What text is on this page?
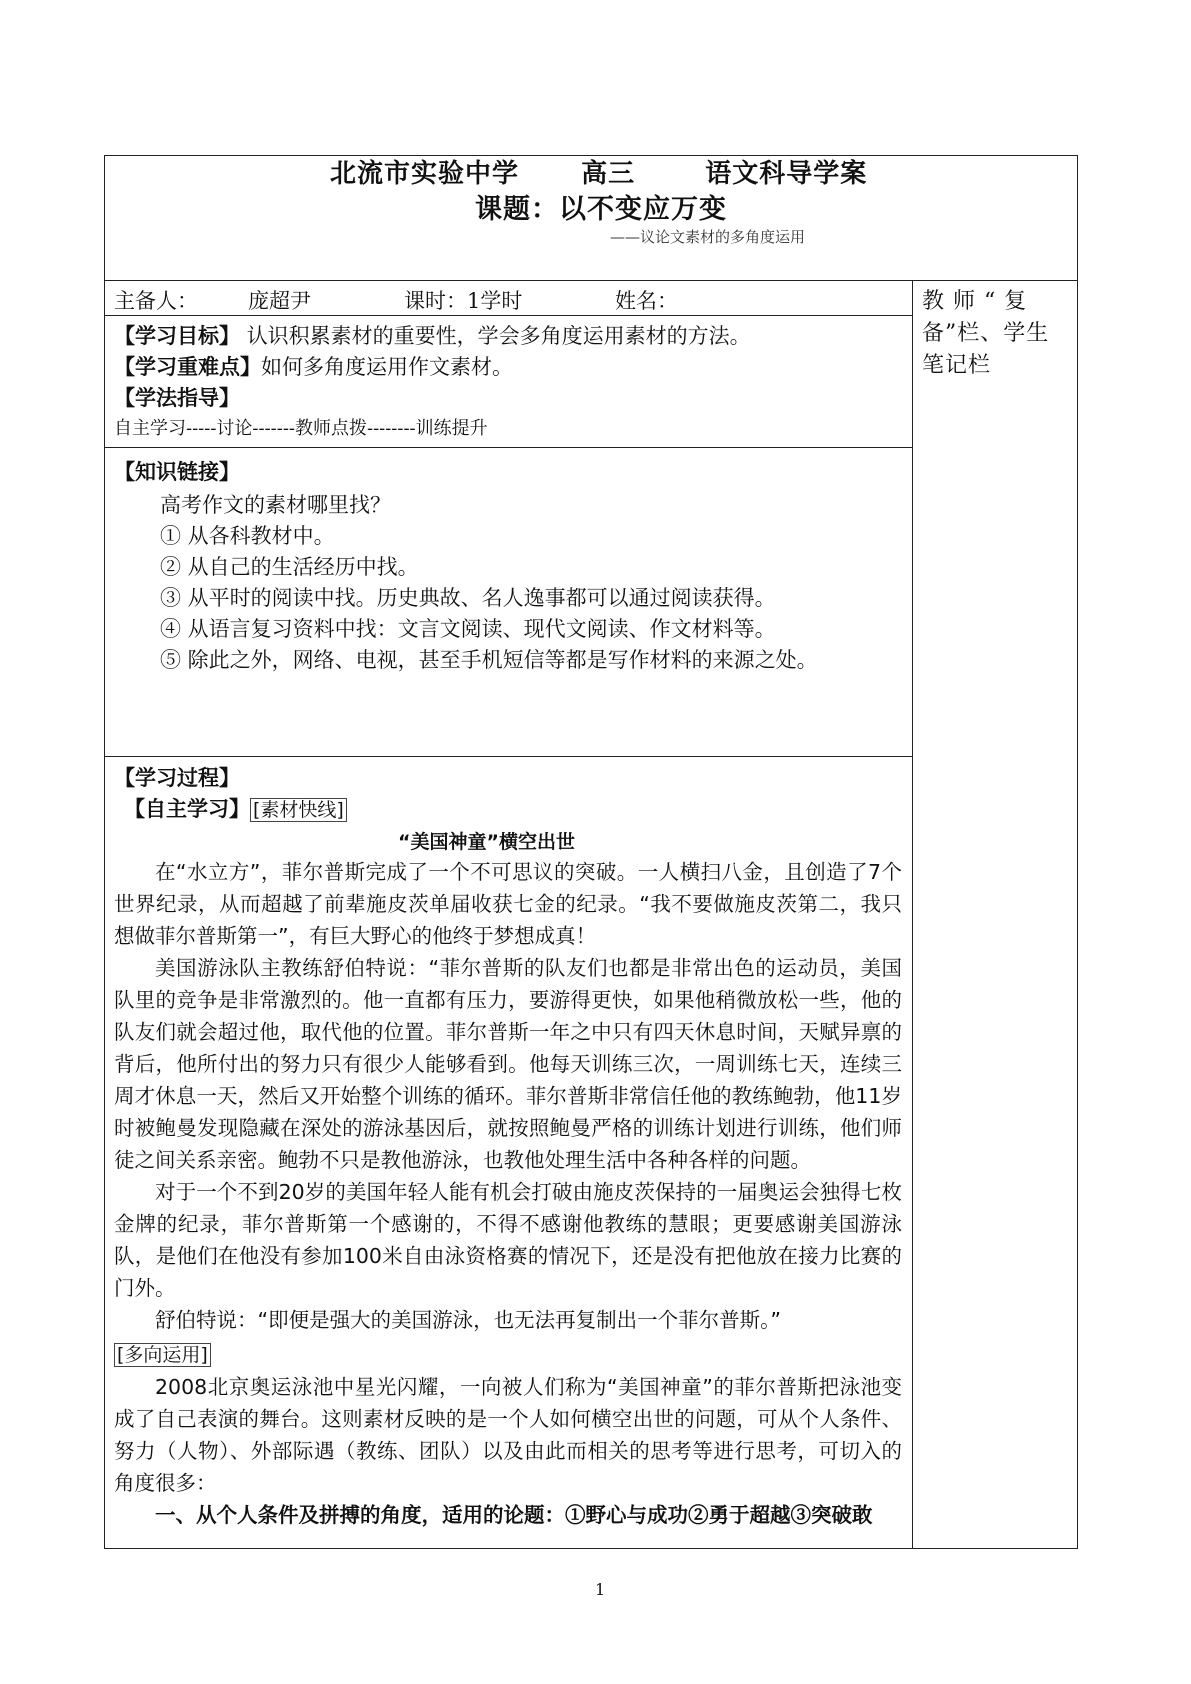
北流市实验中学 高三	语文科导学案
课题：以不变应万变
——议论文素材的多角度运用
主备人： 庞超尹	课时：1学时	姓名：	教 师 “ 复
备”栏、学生
笔记栏
【学习目标】 认识积累素材的重要性，学会多角度运用素材的方法。
【学习重难点】如何多角度运用作文素材。
【学法指导】
自主学习-----讨论-------教师点拨--------训练提升
【知识链接】
高考作文的素材哪里找？
① 从各科教材中。
② 从自己的生活经历中找。
③ 从平时的阅读中找。历史典故、名人逸事都可以通过阅读获得。
④ 从语言复习资料中找：文言文阅读、现代文阅读、作文材料等。
⑤ 除此之外，网络、电视，甚至手机短信等都是写作材料的来源之处。
【学习过程】
【自主学习】 [素材快线]
“美国神童”横空出世

在“水立方”，菲尔普斯完成了一个不可思议的突破。一人横扫八金，且创造了7个世界纪录，从而超越了前辈施皮茨单届收获七金的纪录。“我不要做施皮茨第二，我只想做菲尔普斯第一”，有巨大野心的他终于梦想成真！

美国游泳队主教练舒伯特说：“菲尔普斯的队友们也都是非常出色的运动员，美国队里的竞争是非常激烈的。他一直都有压力，要游得更快，如果他稍微放松一些，他的队友们就会超过他，取代他的位置。菲尔普斯一年之中只有四天休息时间，天赋异禀的背后，他所付出的努力只有很少人能够看到。他每天训练三次，一周训练七天，连续三周才休息一天，然后又开始整个训练的循环。菲尔普斯非常信任他的教练鲍勃，他11岁时被鲍曼发现隐藏在深处的游泳基因后，就按照鲍曼严格的训练计划进行训练，他们师徒之间关系亲密。鲍勃不只是教他游泳，也教他处理生活中各种各样的问题。

对于一个不到20岁的美国年轻人能有机会打破由施皮茨保持的一届奥运会独得七枚金牌的纪录，菲尔普斯第一个感谢的，不得不感谢他教练的慧眼；更要感谢美国游泳队，是他们在他没有参加100米自由泳资格赛的情况下，还是没有把他放在接力比赛的门外。

舒伯特说：“即便是强大的美国游泳，也无法再复制出一个菲尔普斯。”

[多向运用]

2008北京奥运泳池中星光闪耀，一向被人们称为“美国神童”的菲尔普斯把泳池变成了自己表演的舞台。这则素材反映的是一个人如何横空出世的问题，可从个人条件、努力（人物）、外部际遇（教练、团队）以及由此而相关的思考等进行思考，可切入的角度很多：

一、从个人条件及拼搏的角度，适用的论题：①野心与成功②勇于超越③突破敢

1
